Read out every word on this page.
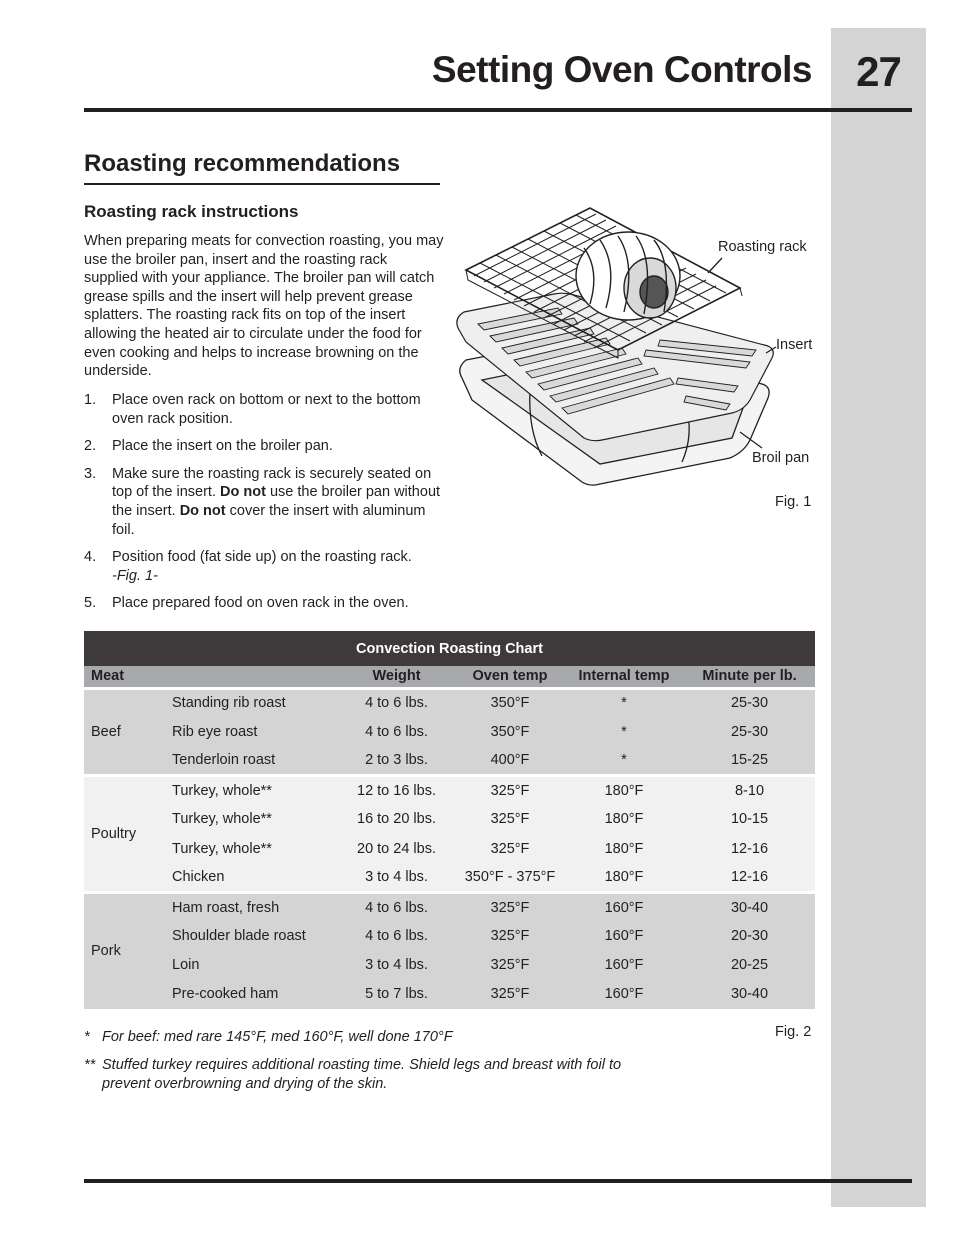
27
Setting Oven Controls
Roasting recommendations
Roasting rack instructions

When preparing meats for convection roasting, you may use the broiler pan, insert and the roasting rack supplied with your appliance. The broiler pan will catch grease spills and the insert will help prevent grease splatters. The roasting rack fits on top of the insert allowing the heated air to circulate under the food for even cooking and helps to increase browning on the underside.

1.	Place oven rack on bottom or next to the bottom oven rack position.
2.	Place the insert on the broiler pan.
3.	Make sure the roasting rack is securely seated on top of the insert. Do not use the broiler pan without the insert. Do not cover the insert with aluminum foil.
4.	Position food (fat side up) on the roasting rack.
-Fig. 1-
5.	Place prepared food on oven rack in the oven.
Roasting rack
Insert
Broil pan
Fig. 1
Convection Roasting Chart					
Meat		Weight	Oven temp	Internal temp	Minute per lb.
Beef	Standing rib roast	4 to 6 lbs.	350°F	*	25-30
	Rib eye roast	4 to 6 lbs.	350°F	*	25-30
	Tenderloin roast	2 to 3 lbs.	400°F	*	15-25
Poultry	Turkey, whole**	12 to 16 lbs.	325°F	180°F	8-10
	Turkey, whole**	16 to 20 lbs.	325°F	180°F	10-15
	Turkey, whole**	20 to 24 lbs.	325°F	180°F	12-16
	Chicken	3 to 4 lbs.	350°F - 375°F	180°F	12-16
Pork	Ham roast, fresh	4 to 6 lbs.	325°F	160°F	30-40
	Shoulder blade roast	4 to 6 lbs.	325°F	160°F	20-30
	Loin	3 to 4 lbs.	325°F	160°F	20-25
	Pre-cooked ham	5 to 7 lbs.	325°F	160°F	30-40
Fig. 2

* For beef: med rare 145°F, med 160°F, well done 170°F

** Stuffed turkey requires additional roasting time. Shield legs and breast with foil to
prevent overbrowning and drying of the skin.
